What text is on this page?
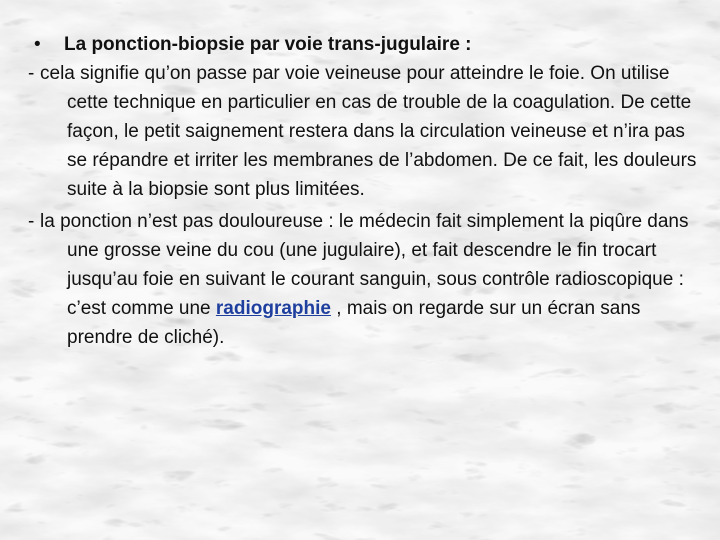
•	La ponction-biopsie par voie trans-jugulaire :

- cela signifie qu’on passe par voie veineuse pour atteindre le foie. On utilise cette technique en particulier en cas de trouble de la coagulation. De cette façon, le petit saignement restera dans la circulation veineuse et n’ira pas se répandre et irriter les membranes de l’abdomen. De ce fait, les douleurs suite à la biopsie sont plus limitées.

- la ponction n’est pas douloureuse : le médecin fait simplement la piqûre dans une grosse veine du cou (une jugulaire), et fait descendre le fin trocart jusqu’au foie en suivant le courant sanguin, sous contrôle radioscopique : c’est comme une radiographie , mais on regarde sur un écran sans prendre de cliché).
